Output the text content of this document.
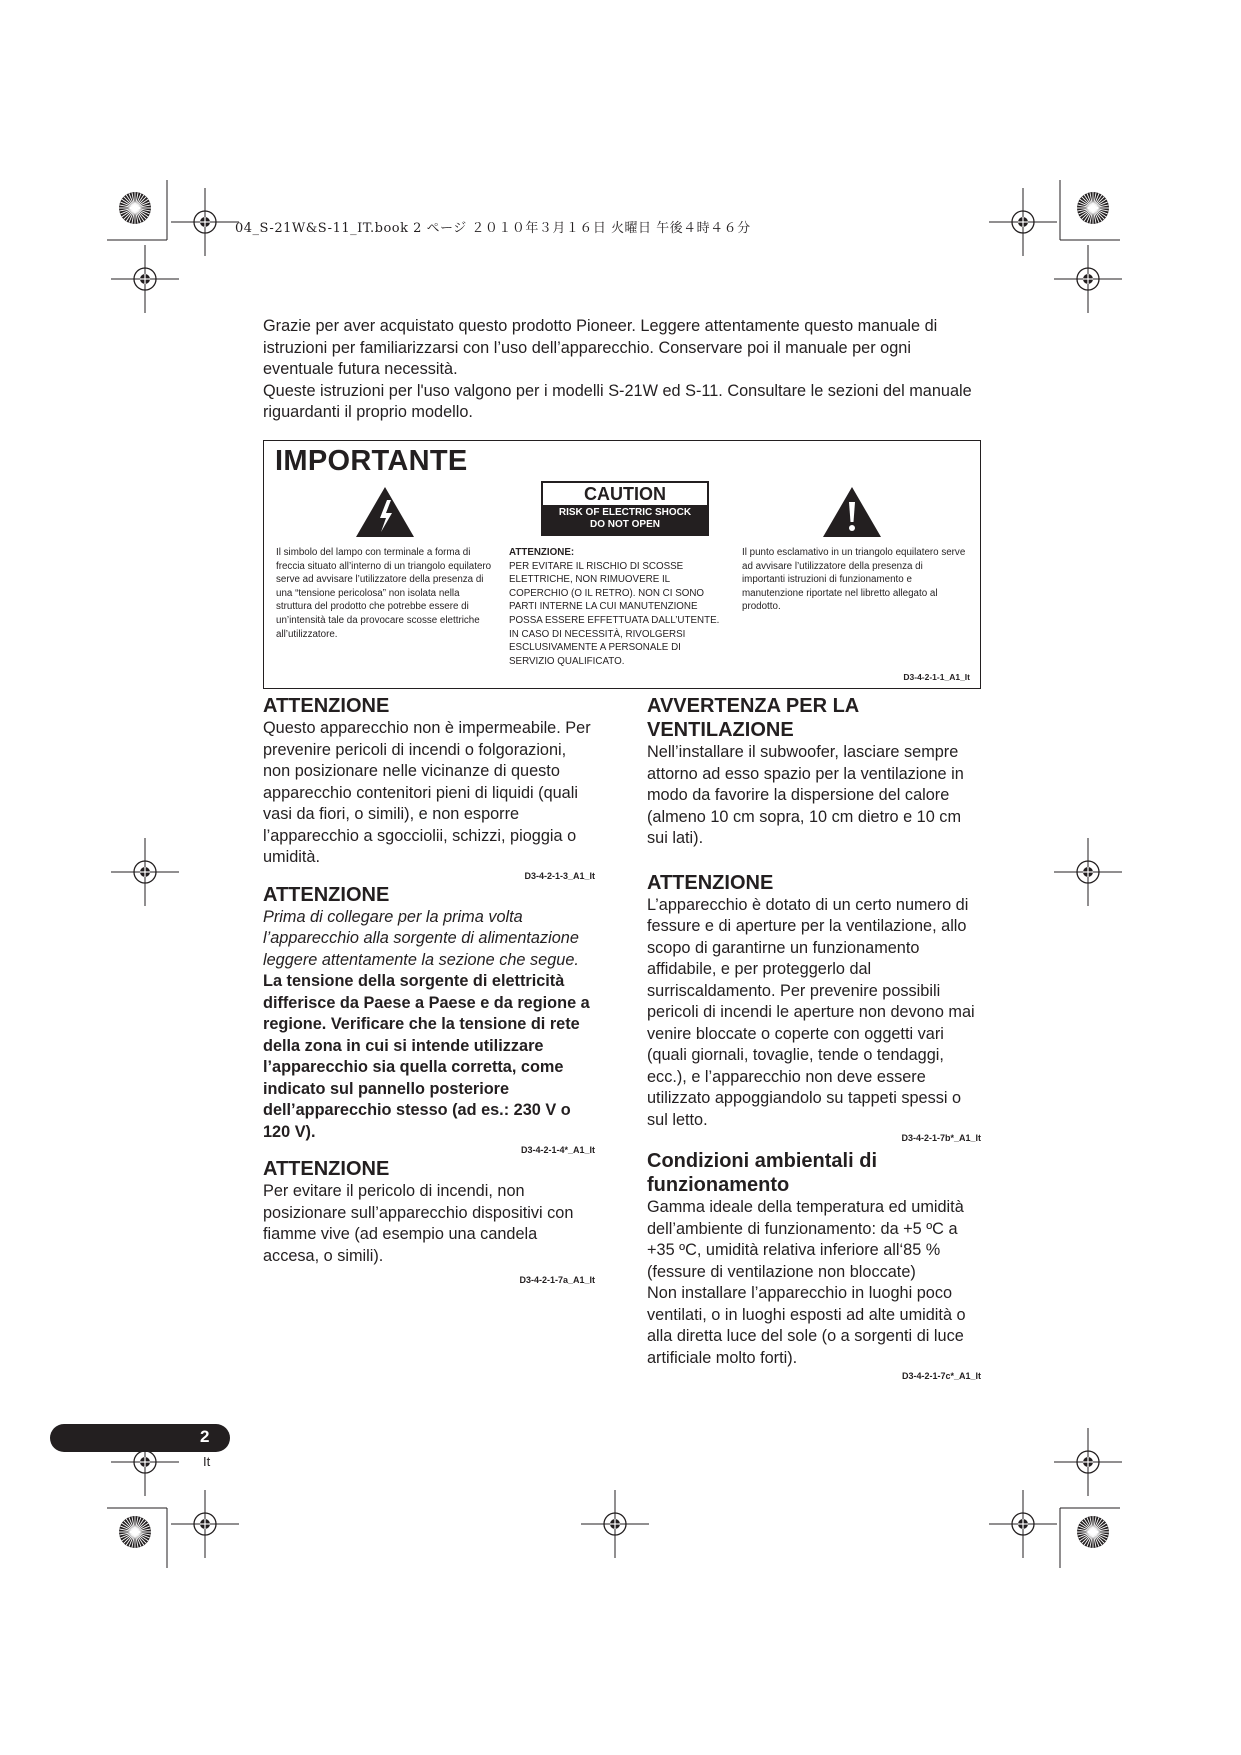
04_S-21W&S-11_IT.book 2 ページ ２０１０年３月１６日 火曜日 午後４時４６分

Grazie per aver acquistato questo prodotto Pioneer. Leggere attentamente questo manuale di istruzioni per familiarizzarsi con l’uso dell’apparecchio. Conservare poi il manuale per ogni eventuale futura necessità.

Queste istruzioni per l'uso valgono per i modelli S-21W ed S-11. Consultare le sezioni del manuale riguardanti il proprio modello.

IMPORTANTE
CAUTION
RISK OF ELECTRIC SHOCK
DO NOT OPEN
Il simbolo del lampo con terminale a forma di freccia situato all’interno di un triangolo equilatero serve ad avvisare l’utilizzatore della presenza di una “tensione pericolosa” non isolata nella struttura del prodotto che potrebbe essere di un’intensità tale da provocare scosse elettriche all’utilizzatore.
ATTENZIONE:
PER EVITARE IL RISCHIO DI SCOSSE ELETTRICHE, NON RIMUOVERE IL COPERCHIO (O IL RETRO). NON CI SONO PARTI INTERNE LA CUI MANUTENZIONE POSSA ESSERE EFFETTUATA DALL’UTENTE. IN CASO DI NECESSITÀ, RIVOLGERSI ESCLUSIVAMENTE A PERSONALE DI SERVIZIO QUALIFICATO.
Il punto esclamativo in un triangolo equilatero serve ad avvisare l’utilizzatore della presenza di importanti istruzioni di funzionamento e manutenzione riportate nel libretto allegato al prodotto.
D3-4-2-1-1_A1_It
ATTENZIONE

Questo apparecchio non è impermeabile. Per prevenire pericoli di incendi o folgorazioni, non posizionare nelle vicinanze di questo apparecchio contenitori pieni di liquidi (quali vasi da fiori, o simili), e non esporre l’apparecchio a sgocciolii, schizzi, pioggia o umidità.

D3-4-2-1-3_A1_It
ATTENZIONE

Prima di collegare per la prima volta l’apparecchio alla sorgente di alimentazione leggere attentamente la sezione che segue.

La tensione della sorgente di elettricità differisce da Paese a Paese e da regione a regione. Verificare che la tensione di rete della zona in cui si intende utilizzare l’apparecchio sia quella corretta, come indicato sul pannello posteriore dell’apparecchio stesso (ad es.: 230 V o 120 V).

D3-4-2-1-4*_A1_It
ATTENZIONE

Per evitare il pericolo di incendi, non posizionare sull’apparecchio dispositivi con fiamme vive (ad esempio una candela accesa, o simili).

D3-4-2-1-7a_A1_It
AVVERTENZA PER LA VENTILAZIONE

Nell’installare il subwoofer, lasciare sempre attorno ad esso spazio per la ventilazione in modo da favorire la dispersione del calore (almeno 10 cm sopra, 10 cm dietro e 10 cm sui lati).

ATTENZIONE

L’apparecchio è dotato di un certo numero di fessure e di aperture per la ventilazione, allo scopo di garantirne un funzionamento affidabile, e per proteggerlo dal surriscaldamento. Per prevenire possibili pericoli di incendi le aperture non devono mai venire bloccate o coperte con oggetti vari (quali giornali, tovaglie, tende o tendaggi, ecc.), e l’apparecchio non deve essere utilizzato appoggiandolo su tappeti spessi o sul letto.

D3-4-2-1-7b*_A1_It
Condizioni ambientali di funzionamento

Gamma ideale della temperatura ed umidità dell’ambiente di funzionamento: da +5 ºC a +35 ºC, umidità relativa inferiore all‘85 % (fessure di ventilazione non bloccate)

Non installare l’apparecchio in luoghi poco ventilati, o in luoghi esposti ad alte umidità o alla diretta luce del sole (o a sorgenti di luce artificiale molto forti).

D3-4-2-1-7c*_A1_It
2
It
